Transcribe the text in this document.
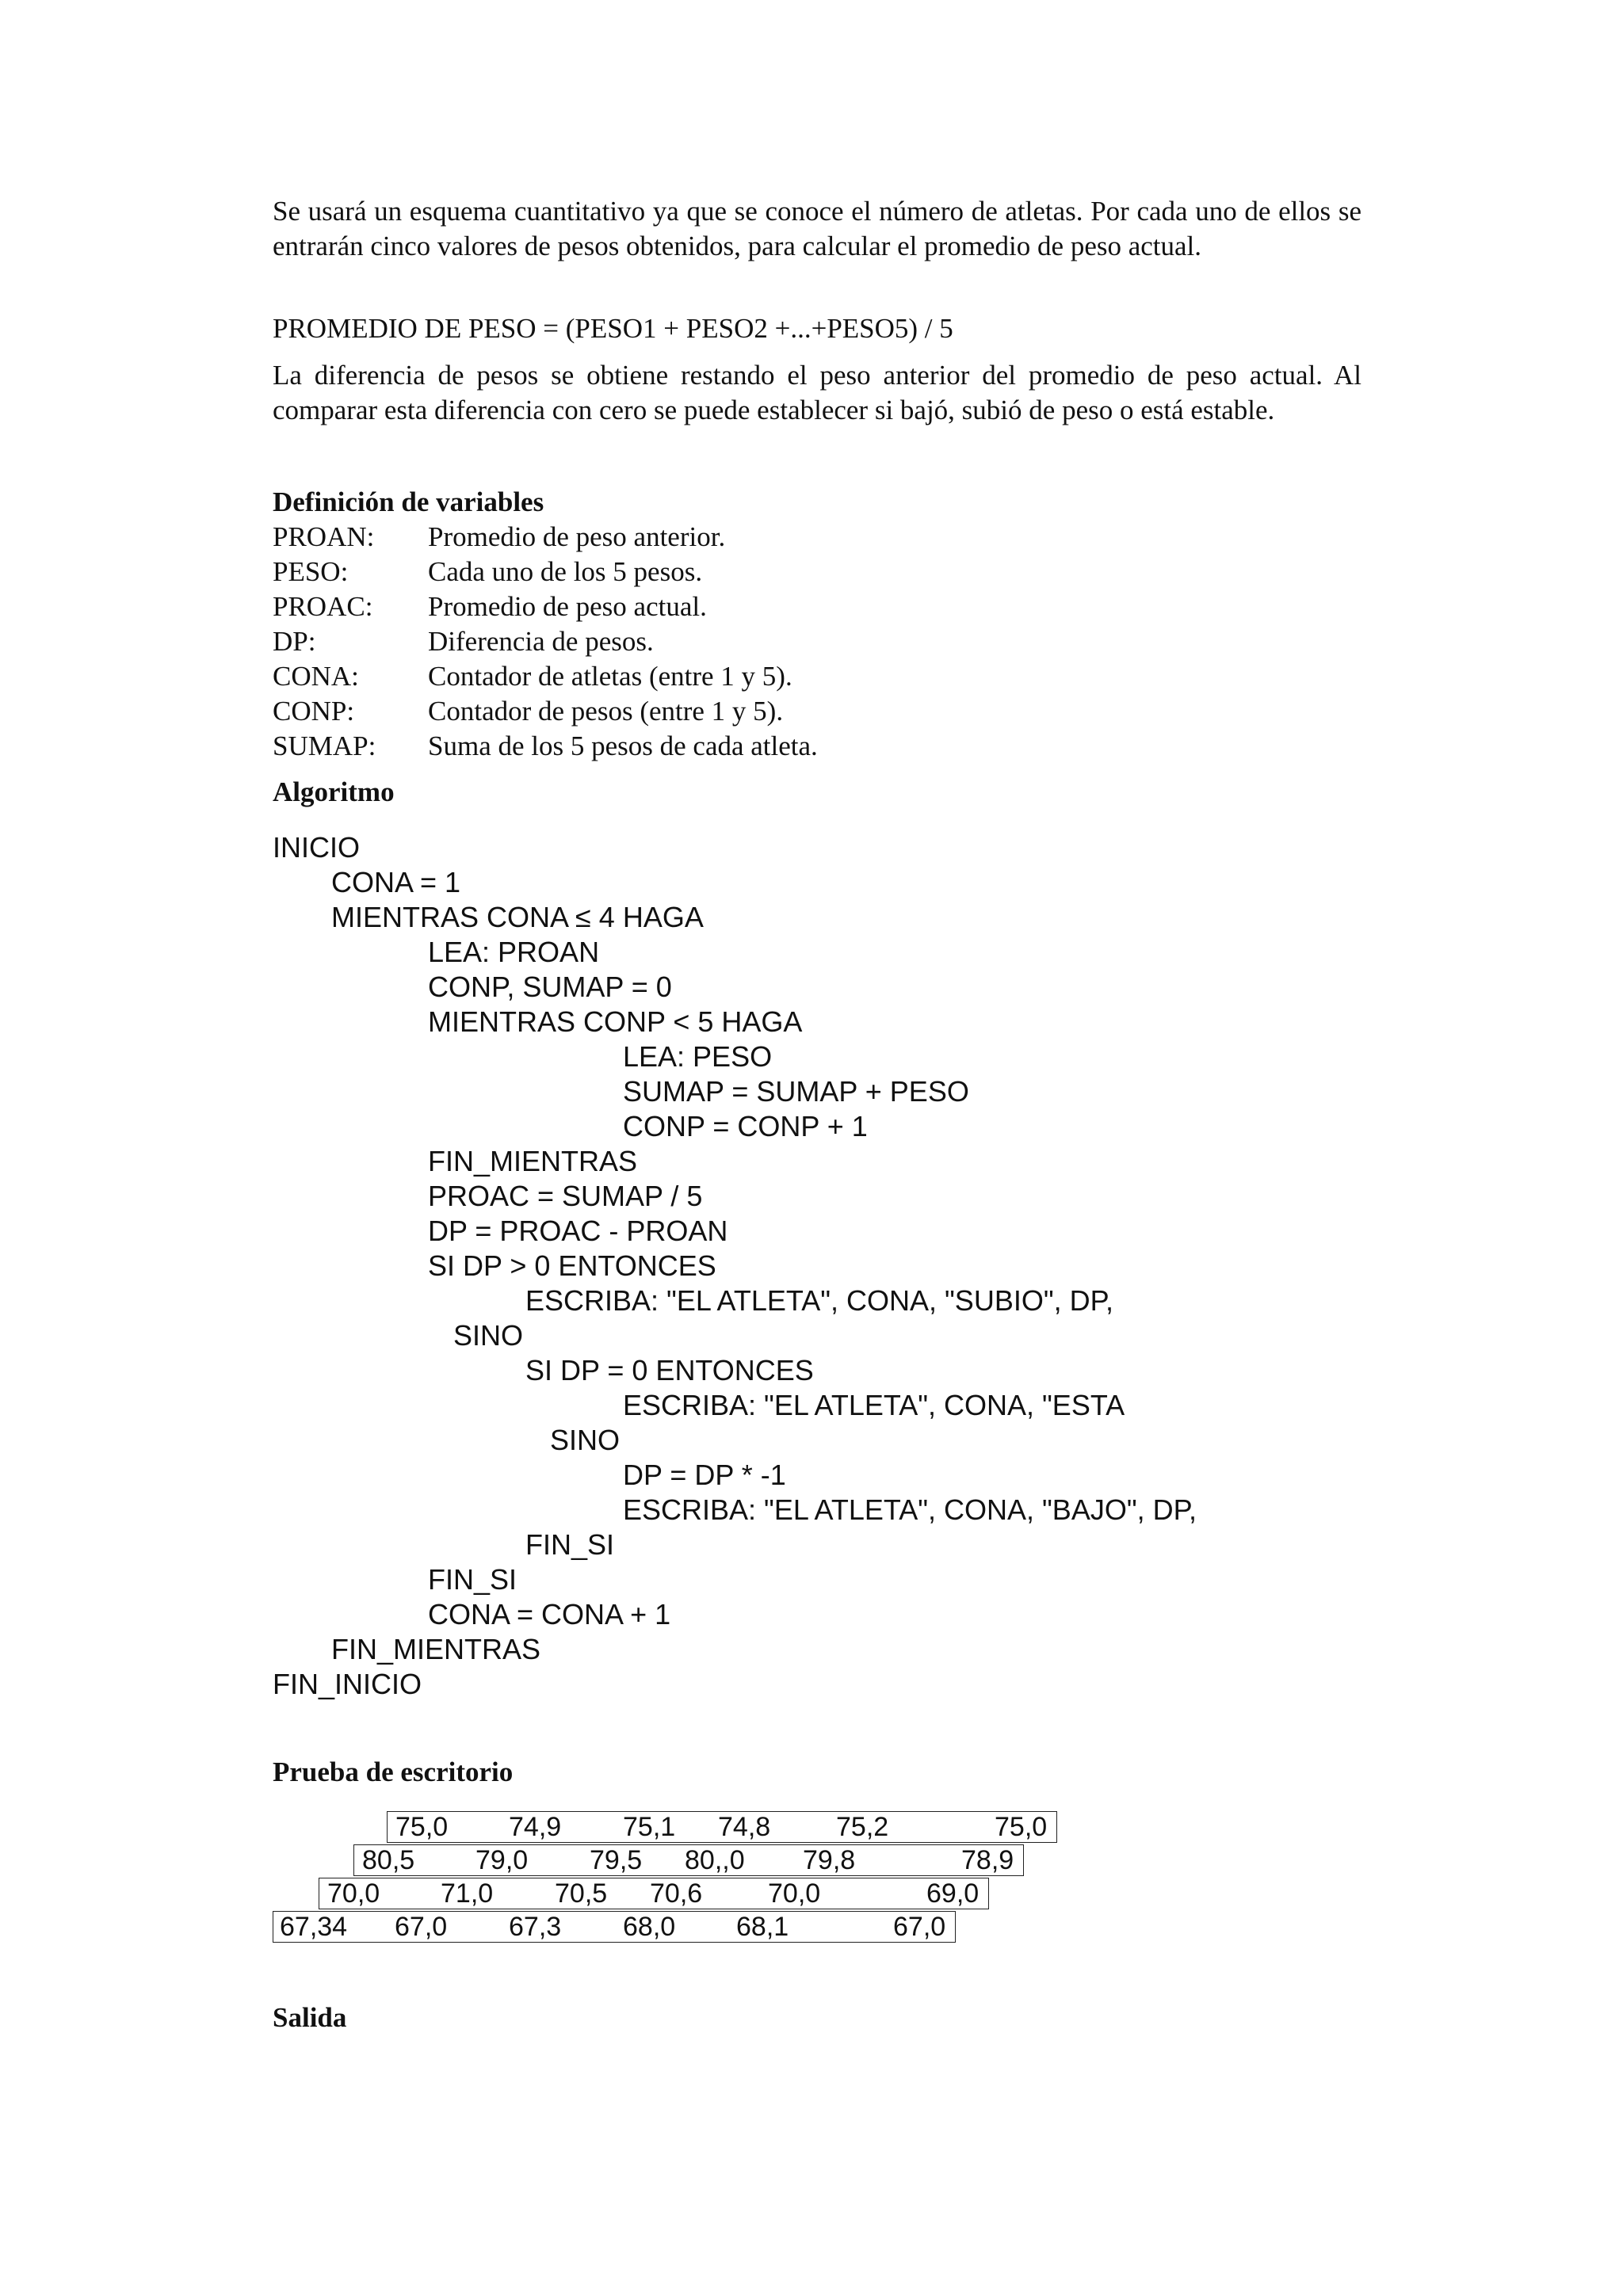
Se usará un esquema cuantitativo ya que se conoce el número de atletas. Por cada uno de ellos se entrarán cinco valores de pesos obtenidos, para calcular el promedio de peso actual.

PROMEDIO DE PESO = (PESO1 + PESO2 +...+PESO5) / 5

La diferencia de pesos se obtiene restando el peso anterior del promedio de peso actual. Al comparar esta diferencia con cero se puede establecer si bajó, subió de peso o está estable.

Definición de variables

PROAN: Promedio de peso anterior.
PESO:	Cada uno de los 5 pesos.
PROAC: Promedio de peso actual.
DP:	Diferencia de pesos.
CONA: Contador de atletas (entre 1 y 5).
CONP:	Contador de pesos (entre 1 y 5).
SUMAP: Suma de los 5 pesos de cada atleta.

Algoritmo

INICIO
CONA = 1
MIENTRAS CONA ≤ 4 HAGA
LEA: PROAN
CONP, SUMAP = 0
MIENTRAS CONP < 5 HAGA
LEA: PESO
SUMAP = SUMAP + PESO
CONP = CONP + 1
FIN_MIENTRAS
PROAC = SUMAP / 5
DP = PROAC - PROAN
SI DP > 0 ENTONCES
ESCRIBA: "EL ATLETA", CONA, "SUBIO", DP,
SINO
SI DP = 0 ENTONCES
ESCRIBA: "EL ATLETA", CONA, "ESTA
SINO
DP = DP * -1
ESCRIBA: "EL ATLETA", CONA, "BAJO", DP,
FIN_SI
FIN_SI
CONA = CONA + 1
FIN_MIENTRAS
FIN_INICIO

Prueba de escritorio

75,0 74,9 75,1 74,8 75,2	75,0
80,5 79,0 79,5 80,,0 79,8	78,9
70,0 71,0 70,5 70,6 70,0	69,0
67,34 67,0 67,3 68,0 68,1	67,0

Salida
